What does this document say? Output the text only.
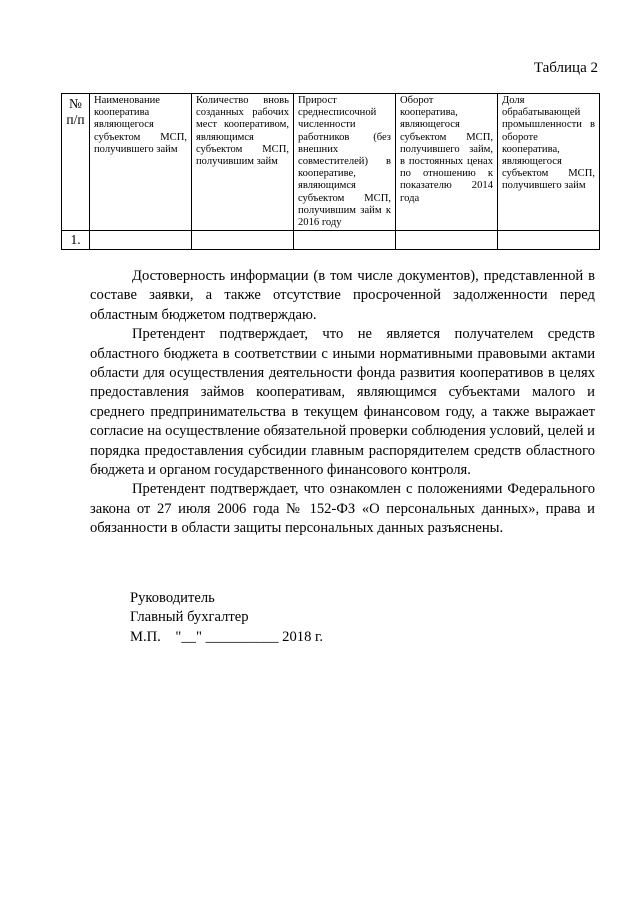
Таблица 2
№ п/п	Наименование кооператива являющегося субъектом МСП, получившего займ	Количество вновь созданных рабочих мест кооперативом, являющимся субъектом МСП, получившим займ	Прирост среднесписочной численности работников (без внешних совместителей) в кооперативе, являющимся субъектом МСП, получившим займ к 2016 году	Оборот кооператива, являющегося субъектом МСП, получившего займ, в постоянных ценах по отношению к показателю 2014 года	Доля обрабатывающей промышленности в обороте кооператива, являющегося субъектом МСП, получившего займ
1.					

Достоверность информации (в том числе документов), представленной в составе заявки, а также отсутствие просроченной задолженности перед областным бюджетом подтверждаю.

Претендент подтверждает, что не является получателем средств областного бюджета в соответствии с иными нормативными правовыми актами области для осуществления деятельности фонда развития кооперативов в целях предоставления займов кооперативам, являющимся субъектами малого и среднего предпринимательства в текущем финансовом году, а также выражает согласие на осуществление обязательной проверки соблюдения условий, целей и порядка предоставления субсидии главным распорядителем средств областного бюджета и органом государственного финансового контроля.

Претендент подтверждает, что ознакомлен с положениями Федерального закона от 27 июля 2006 года № 152-ФЗ «О персональных данных», права и обязанности в области защиты персональных данных разъяснены.

Руководитель
Главный бухгалтер
М.П.    "__" __________ 2018 г.
